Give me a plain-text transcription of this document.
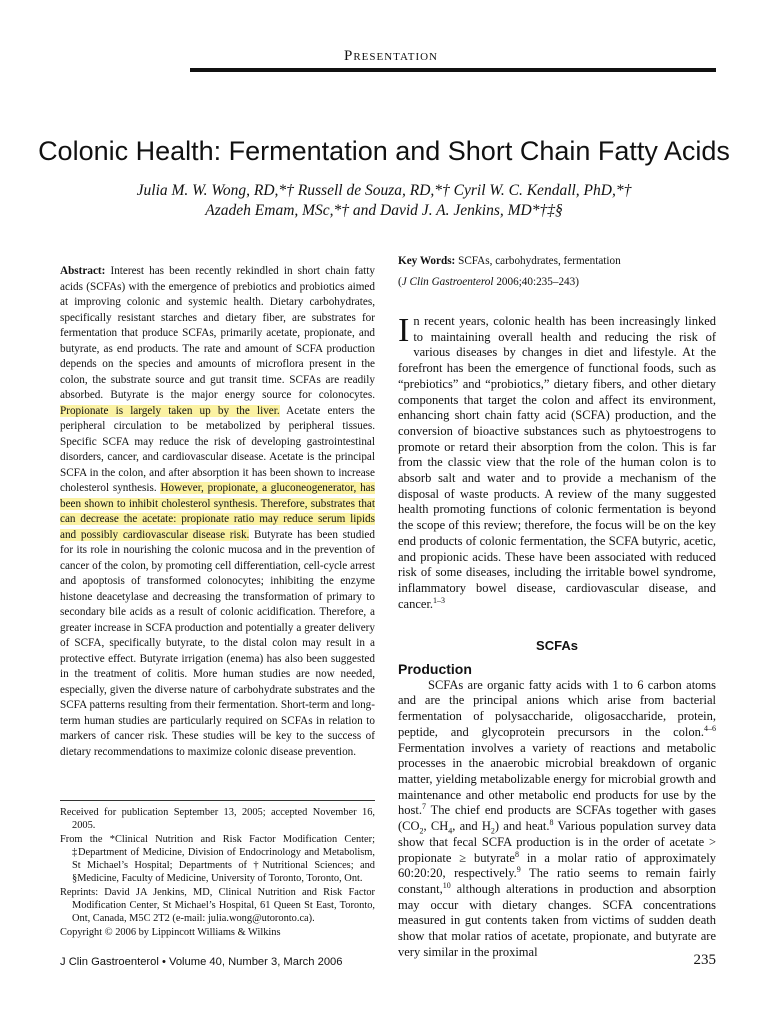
Presentation
Colonic Health: Fermentation and Short Chain Fatty Acids
Julia M. W. Wong, RD,*† Russell de Souza, RD,*† Cyril W. C. Kendall, PhD,*†
Azadeh Emam, MSc,*† and David J. A. Jenkins, MD*†‡§

Abstract: Interest has been recently rekindled in short chain fatty acids (SCFAs) with the emergence of prebiotics and probiotics aimed at improving colonic and systemic health. Dietary carbohydrates, specifically resistant starches and dietary fiber, are substrates for fermentation that produce SCFAs, primarily acetate, propionate, and butyrate, as end products. The rate and amount of SCFA production depends on the species and amounts of microflora present in the colon, the substrate source and gut transit time. SCFAs are readily absorbed. Butyrate is the major energy source for colonocytes. Propionate is largely taken up by the liver. Acetate enters the peripheral circulation to be metabolized by peripheral tissues. Specific SCFA may reduce the risk of developing gastrointestinal disorders, cancer, and cardiovascular disease. Acetate is the principal SCFA in the colon, and after absorption it has been shown to increase cholesterol synthesis. However, propionate, a gluconeogenerator, has been shown to inhibit cholesterol synthesis. Therefore, substrates that can decrease the acetate: propionate ratio may reduce serum lipids and possibly cardiovascular disease risk. Butyrate has been studied for its role in nourishing the colonic mucosa and in the prevention of cancer of the colon, by promoting cell differentiation, cell-cycle arrest and apoptosis of transformed colonocytes; inhibiting the enzyme histone deacetylase and decreasing the transformation of primary to secondary bile acids as a result of colonic acidification. Therefore, a greater increase in SCFA production and potentially a greater delivery of SCFA, specifically butyrate, to the distal colon may result in a protective effect. Butyrate irrigation (enema) has also been suggested in the treatment of colitis. More human studies are now needed, especially, given the diverse nature of carbohydrate substrates and the SCFA patterns resulting from their fermentation. Short-term and long-term human studies are particularly required on SCFAs in relation to markers of cancer risk. These studies will be key to the success of dietary recommendations to maximize colonic disease prevention.

Received for publication September 13, 2005; accepted November 16, 2005.

From the *Clinical Nutrition and Risk Factor Modification Center; ‡Department of Medicine, Division of Endocrinology and Metabolism, St Michael’s Hospital; Departments of †Nutritional Sciences; and §Medicine, Faculty of Medicine, University of Toronto, Toronto, Ont.

Reprints: David JA Jenkins, MD, Clinical Nutrition and Risk Factor Modification Center, St Michael’s Hospital, 61 Queen St East, Toronto, Ont, Canada, M5C 2T2 (e-mail: julia.wong@utoronto.ca).

Copyright © 2006 by Lippincott Williams & Wilkins

Key Words: SCFAs, carbohydrates, fermentation

(J Clin Gastroenterol 2006;40:235–243)

In recent years, colonic health has been increasingly linked to maintaining overall health and reducing the risk of various diseases by changes in diet and lifestyle. At the forefront has been the emergence of functional foods, such as “prebiotics” and “probiotics,” dietary fibers, and other dietary components that target the colon and affect its environment, enhancing short chain fatty acid (SCFA) production, and the conversion of bioactive substances such as phytoestrogens to promote or retard their absorption from the colon. This is far from the classic view that the role of the human colon is to absorb salt and water and to provide a mechanism of the disposal of waste products. A review of the many suggested health promoting functions of colonic fermentation is beyond the scope of this review; therefore, the focus will be on the key end products of colonic fermentation, the SCFA butyric, acetic, and propionic acids. These have been associated with reduced risk of some diseases, including the irritable bowel syndrome, inflammatory bowel disease, cardiovascular disease, and cancer.$^{1-3}$

SCFAs
Production

SCFAs are organic fatty acids with 1 to 6 carbon atoms and are the principal anions which arise from bacterial fermentation of polysaccharide, oligosaccharide, protein, peptide, and glycoprotein precursors in the colon.$^{4-6}$ Fermentation involves a variety of reactions and metabolic processes in the anaerobic microbial breakdown of organic matter, yielding metabolizable energy for microbial growth and maintenance and other metabolic end products for use by the host.$^7$ The chief end products are SCFAs together with gases ($CO_2$, $CH_4$, and $H_2$) and heat.$^8$ Various population survey data show that fecal SCFA production is in the order of acetate > propionate ≥ butyrate$^8$ in a molar ratio of approximately 60:20:20, respectively.$^9$ The ratio seems to remain fairly constant,$^{10}$ although alterations in production and absorption may occur with dietary changes. SCFA concentrations measured in gut contents taken from victims of sudden death show that molar ratios of acetate, propionate, and butyrate are very similar in the proximal

J Clin Gastroenterol • Volume 40, Number 3, March 2006	235
